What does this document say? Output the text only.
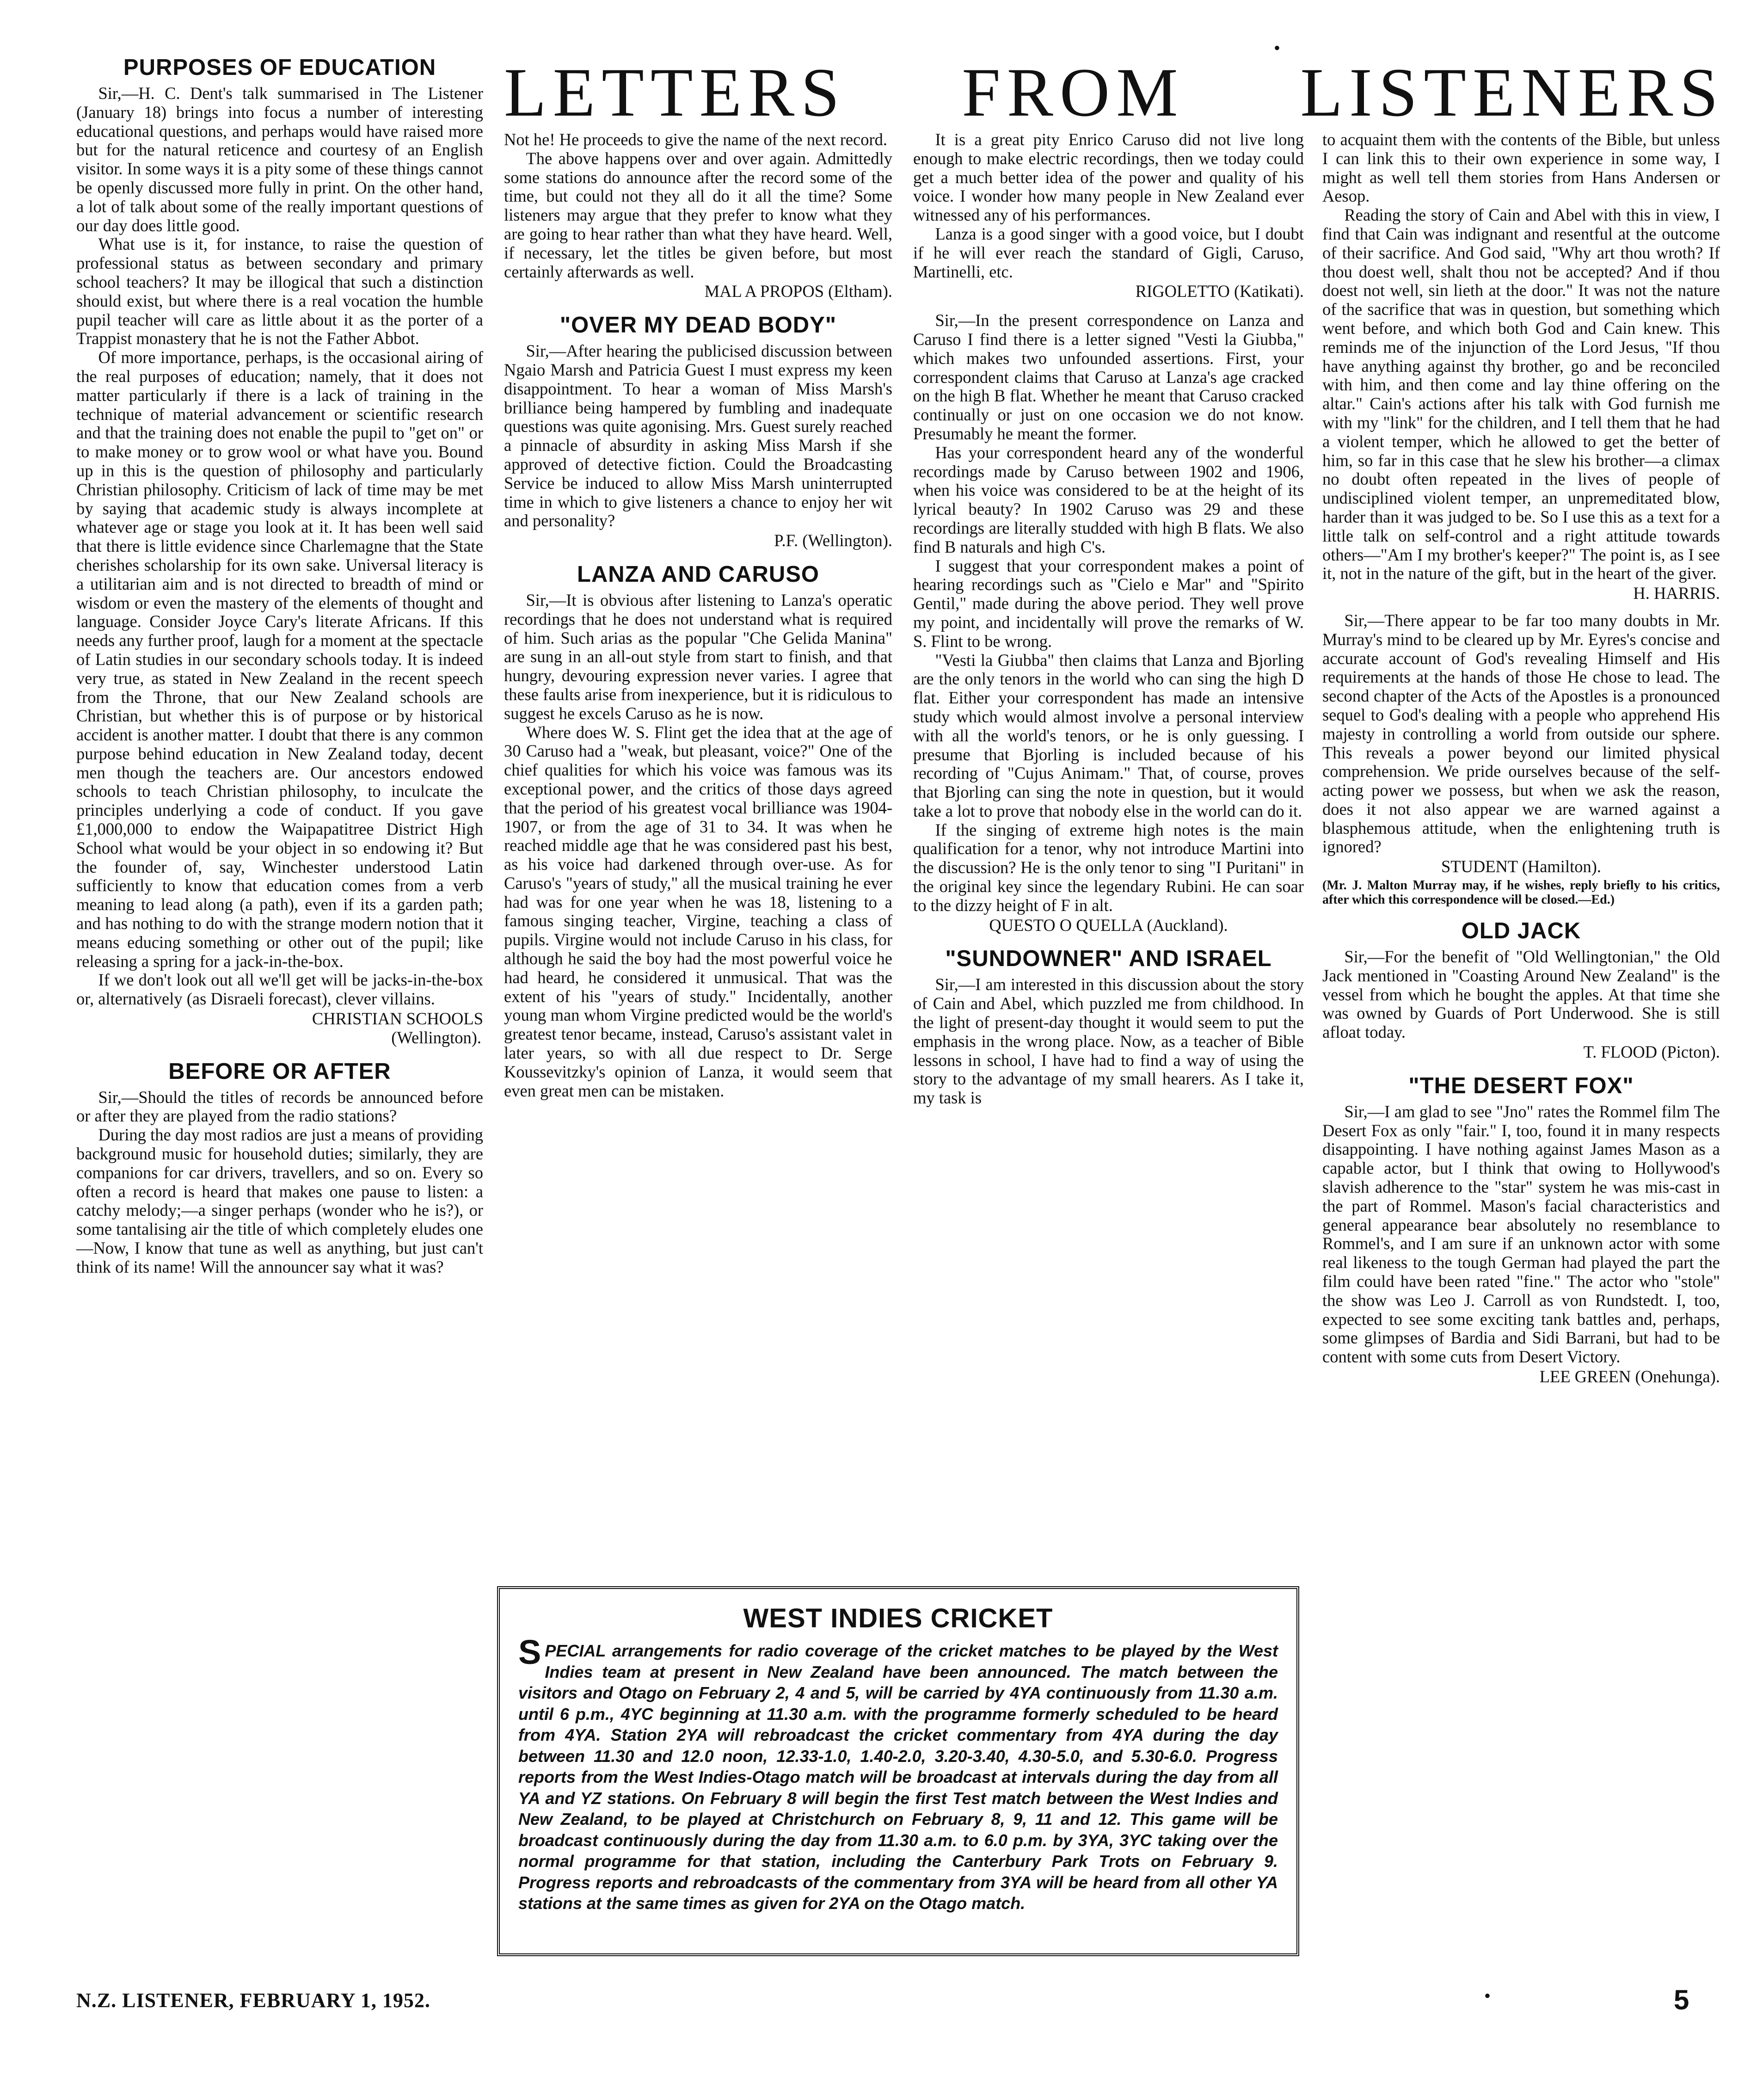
LETTERS FROM LISTENERS
PURPOSES OF EDUCATION

Sir,—H. C. Dent's talk summarised in The Listener (January 18) brings into focus a number of interesting educational questions, and perhaps would have raised more but for the natural reticence and courtesy of an English visitor. In some ways it is a pity some of these things cannot be openly discussed more fully in print. On the other hand, a lot of talk about some of the really important questions of our day does little good.

What use is it, for instance, to raise the question of professional status as between secondary and primary school teachers? It may be illogical that such a distinction should exist, but where there is a real vocation the humble pupil teacher will care as little about it as the porter of a Trappist monastery that he is not the Father Abbot.

Of more importance, perhaps, is the occasional airing of the real purposes of education; namely, that it does not matter particularly if there is a lack of training in the technique of material advancement or scientific research and that the training does not enable the pupil to "get on" or to make money or to grow wool or what have you. Bound up in this is the question of philosophy and particularly Christian philosophy. Criticism of lack of time may be met by saying that academic study is always incomplete at whatever age or stage you look at it. It has been well said that there is little evidence since Charlemagne that the State cherishes scholarship for its own sake. Universal literacy is a utilitarian aim and is not directed to breadth of mind or wisdom or even the mastery of the elements of thought and language. Consider Joyce Cary's literate Africans. If this needs any further proof, laugh for a moment at the spectacle of Latin studies in our secondary schools today. It is indeed very true, as stated in New Zealand in the recent speech from the Throne, that our New Zealand schools are Christian, but whether this is of purpose or by historical accident is another matter. I doubt that there is any common purpose behind education in New Zealand today, decent men though the teachers are. Our ancestors endowed schools to teach Christian philosophy, to inculcate the principles underlying a code of conduct. If you gave £1,000,000 to endow the Waipapatitree District High School what would be your object in so endowing it? But the founder of, say, Winchester understood Latin sufficiently to know that education comes from a verb meaning to lead along (a path), even if its a garden path; and has nothing to do with the strange modern notion that it means educing something or other out of the pupil; like releasing a spring for a jack-in-the-box.

If we don't look out all we'll get will be jacks-in-the-box or, alternatively (as Disraeli forecast), clever villains.

CHRISTIAN SCHOOLS

(Wellington).

BEFORE OR AFTER

Sir,—Should the titles of records be announced before or after they are played from the radio stations?

During the day most radios are just a means of providing background music for household duties; similarly, they are companions for car drivers, travellers, and so on. Every so often a record is heard that makes one pause to listen: a catchy melody;—a singer perhaps (wonder who he is?), or some tantalising air the title of which completely eludes one —Now, I know that tune as well as anything, but just can't think of its name! Will the announcer say what it was?

Not he! He proceeds to give the name of the next record.

The above happens over and over again. Admittedly some stations do announce after the record some of the time, but could not they all do it all the time? Some listeners may argue that they prefer to know what they are going to hear rather than what they have heard. Well, if necessary, let the titles be given before, but most certainly afterwards as well.

MAL A PROPOS (Eltham).

"OVER MY DEAD BODY"

Sir,—After hearing the publicised discussion between Ngaio Marsh and Patricia Guest I must express my keen disappointment. To hear a woman of Miss Marsh's brilliance being hampered by fumbling and inadequate questions was quite agonising. Mrs. Guest surely reached a pinnacle of absurdity in asking Miss Marsh if she approved of detective fiction. Could the Broadcasting Service be induced to allow Miss Marsh uninterrupted time in which to give listeners a chance to enjoy her wit and personality?

P.F. (Wellington).

LANZA AND CARUSO

Sir,—It is obvious after listening to Lanza's operatic recordings that he does not understand what is required of him. Such arias as the popular "Che Gelida Manina" are sung in an all-out style from start to finish, and that hungry, devouring expression never varies. I agree that these faults arise from inexperience, but it is ridiculous to suggest he excels Caruso as he is now.

Where does W. S. Flint get the idea that at the age of 30 Caruso had a "weak, but pleasant, voice?" One of the chief qualities for which his voice was famous was its exceptional power, and the critics of those days agreed that the period of his greatest vocal brilliance was 1904-1907, or from the age of 31 to 34. It was when he reached middle age that he was considered past his best, as his voice had darkened through over-use. As for Caruso's "years of study," all the musical training he ever had was for one year when he was 18, listening to a famous singing teacher, Virgine, teaching a class of pupils. Virgine would not include Caruso in his class, for although he said the boy had the most powerful voice he had heard, he considered it unmusical. That was the extent of his "years of study." Incidentally, another young man whom Virgine predicted would be the world's greatest tenor became, instead, Caruso's assistant valet in later years, so with all due respect to Dr. Serge Koussevitzky's opinion of Lanza, it would seem that even great men can be mistaken.

It is a great pity Enrico Caruso did not live long enough to make electric recordings, then we today could get a much better idea of the power and quality of his voice. I wonder how many people in New Zealand ever witnessed any of his performances.

Lanza is a good singer with a good voice, but I doubt if he will ever reach the standard of Gigli, Caruso, Martinelli, etc.

RIGOLETTO (Katikati).

Sir,—In the present correspondence on Lanza and Caruso I find there is a letter signed "Vesti la Giubba," which makes two unfounded assertions. First, your correspondent claims that Caruso at Lanza's age cracked on the high B flat. Whether he meant that Caruso cracked continually or just on one occasion we do not know. Presumably he meant the former.

Has your correspondent heard any of the wonderful recordings made by Caruso between 1902 and 1906, when his voice was considered to be at the height of its lyrical beauty? In 1902 Caruso was 29 and these recordings are literally studded with high B flats. We also find B naturals and high C's.

I suggest that your correspondent makes a point of hearing recordings such as "Cielo e Mar" and "Spirito Gentil," made during the above period. They well prove my point, and incidentally will prove the remarks of W. S. Flint to be wrong.

"Vesti la Giubba" then claims that Lanza and Bjorling are the only tenors in the world who can sing the high D flat. Either your correspondent has made an intensive study which would almost involve a personal interview with all the world's tenors, or he is only guessing. I presume that Bjorling is included because of his recording of "Cujus Animam." That, of course, proves that Bjorling can sing the note in question, but it would take a lot to prove that nobody else in the world can do it.

If the singing of extreme high notes is the main qualification for a tenor, why not introduce Martini into the discussion? He is the only tenor to sing "I Puritani" in the original key since the legendary Rubini. He can soar to the dizzy height of F in alt.

QUESTO O QUELLA (Auckland).

"SUNDOWNER" AND ISRAEL

Sir,—I am interested in this discussion about the story of Cain and Abel, which puzzled me from childhood. In the light of present-day thought it would seem to put the emphasis in the wrong place. Now, as a teacher of Bible lessons in school, I have had to find a way of using the story to the advantage of my small hearers. As I take it, my task is

to acquaint them with the contents of the Bible, but unless I can link this to their own experience in some way, I might as well tell them stories from Hans Andersen or Aesop.

Reading the story of Cain and Abel with this in view, I find that Cain was indignant and resentful at the outcome of their sacrifice. And God said, "Why art thou wroth? If thou doest well, shalt thou not be accepted? And if thou doest not well, sin lieth at the door." It was not the nature of the sacrifice that was in question, but something which went before, and which both God and Cain knew. This reminds me of the injunction of the Lord Jesus, "If thou have anything against thy brother, go and be reconciled with him, and then come and lay thine offering on the altar." Cain's actions after his talk with God furnish me with my "link" for the children, and I tell them that he had a violent temper, which he allowed to get the better of him, so far in this case that he slew his brother—a climax no doubt often repeated in the lives of people of undisciplined violent temper, an unpremeditated blow, harder than it was judged to be. So I use this as a text for a little talk on self-control and a right attitude towards others—"Am I my brother's keeper?" The point is, as I see it, not in the nature of the gift, but in the heart of the giver.

H. HARRIS.

Sir,—There appear to be far too many doubts in Mr. Murray's mind to be cleared up by Mr. Eyres's concise and accurate account of God's revealing Himself and His requirements at the hands of those He chose to lead. The second chapter of the Acts of the Apostles is a pronounced sequel to God's dealing with a people who apprehend His majesty in controlling a world from outside our sphere. This reveals a power beyond our limited physical comprehension. We pride ourselves because of the self-acting power we possess, but when we ask the reason, does it not also appear we are warned against a blasphemous attitude, when the enlightening truth is ignored?

STUDENT (Hamilton).

(Mr. J. Malton Murray may, if he wishes, reply briefly to his critics, after which this correspondence will be closed.—Ed.)

OLD JACK

Sir,—For the benefit of "Old Wellingtonian," the Old Jack mentioned in "Coasting Around New Zealand" is the vessel from which he bought the apples. At that time she was owned by Guards of Port Underwood. She is still afloat today.

T. FLOOD (Picton).

"THE DESERT FOX"

Sir,—I am glad to see "Jno" rates the Rommel film The Desert Fox as only "fair." I, too, found it in many respects disappointing. I have nothing against James Mason as a capable actor, but I think that owing to Hollywood's slavish adherence to the "star" system he was mis-cast in the part of Rommel. Mason's facial characteristics and general appearance bear absolutely no resemblance to Rommel's, and I am sure if an unknown actor with some real likeness to the tough German had played the part the film could have been rated "fine." The actor who "stole" the show was Leo J. Carroll as von Rundstedt. I, too, expected to see some exciting tank battles and, perhaps, some glimpses of Bardia and Sidi Barrani, but had to be content with some cuts from Desert Victory.

LEE GREEN (Onehunga).

WEST INDIES CRICKET
SPECIAL arrangements for radio coverage of the cricket matches to be played by the West Indies team at present in New Zealand have been announced. The match between the visitors and Otago on February 2, 4 and 5, will be carried by 4YA continuously from 11.30 a.m. until 6 p.m., 4YC beginning at 11.30 a.m. with the programme formerly scheduled to be heard from 4YA. Station 2YA will rebroadcast the cricket commentary from 4YA during the day between 11.30 and 12.0 noon, 12.33-1.0, 1.40-2.0, 3.20-3.40, 4.30-5.0, and 5.30-6.0. Progress reports from the West Indies-Otago match will be broadcast at intervals during the day from all YA and YZ stations. On February 8 will begin the first Test match between the West Indies and New Zealand, to be played at Christchurch on February 8, 9, 11 and 12. This game will be broadcast continuously during the day from 11.30 a.m. to 6.0 p.m. by 3YA, 3YC taking over the normal programme for that station, including the Canterbury Park Trots on February 9. Progress reports and rebroadcasts of the commentary from 3YA will be heard from all other YA stations at the same times as given for 2YA on the Otago match.
N.Z. LISTENER, FEBRUARY 1, 1952.	5
•
•
